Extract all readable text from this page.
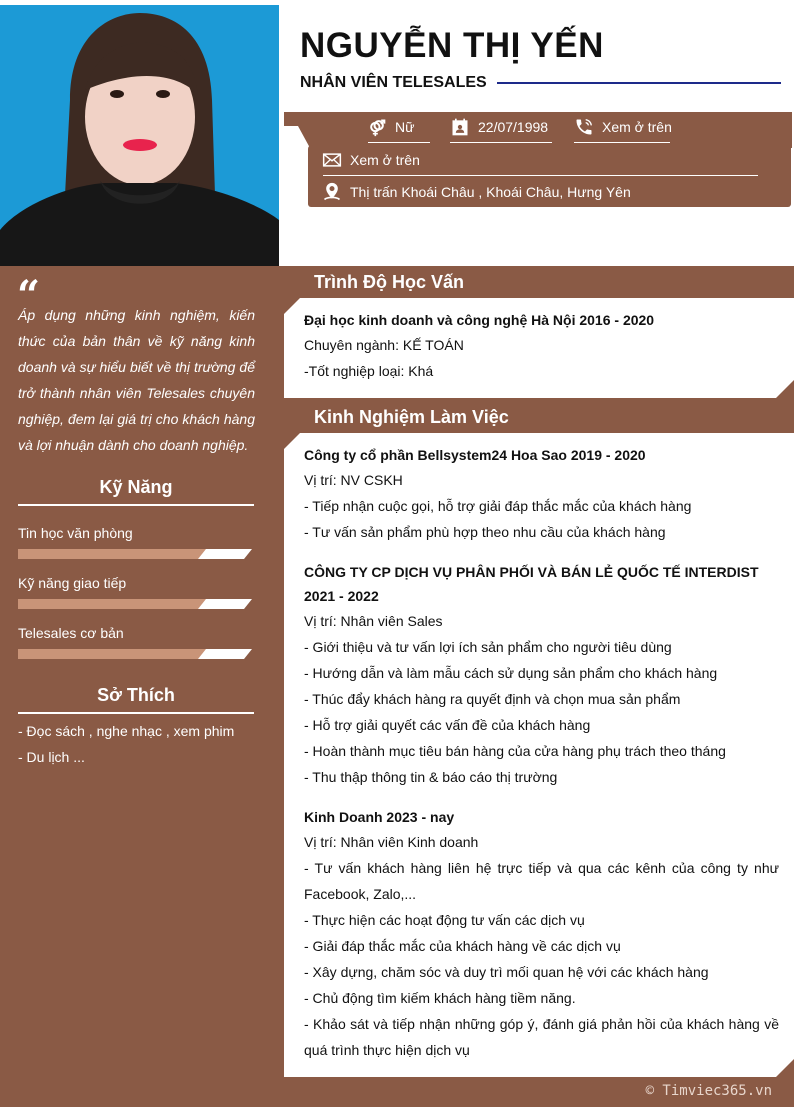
NGUYỄN THỊ YẾN
NHÂN VIÊN TELESALES
Nữ	22/07/1998	Xem ở trên
Xem ở trên
Thị trấn Khoái Châu , Khoái Châu, Hưng Yên
“
Áp dụng những kinh nghiệm, kiến thức của bản thân về kỹ năng kinh doanh và sự hiểu biết về thị trường để trở thành nhân viên Telesales chuyên nghiệp, đem lại giá trị cho khách hàng và lợi nhuận dành cho doanh nghiệp.
Kỹ Năng
Tin học văn phòng
Kỹ năng giao tiếp
Telesales cơ bản
Sở Thích
- Đọc sách , nghe nhạc , xem phim
- Du lịch ...
Trình Độ Học Vấn
Đại học kinh doanh và công nghệ Hà Nội 2016 - 2020
Chuyên ngành: KẾ TOÁN
-Tốt nghiệp loại: Khá
Kinh Nghiệm Làm Việc
Công ty cổ phần Bellsystem24 Hoa Sao 2019 - 2020
Vị trí: NV CSKH
- Tiếp nhận cuộc gọi, hỗ trợ giải đáp thắc mắc của khách hàng
- Tư vấn sản phẩm phù hợp theo nhu cầu của khách hàng
CÔNG TY CP DỊCH VỤ PHÂN PHỐI VÀ BÁN LẺ QUỐC TẾ INTERDIST 2021 - 2022
Vị trí: Nhân viên Sales
- Giới thiệu và tư vấn lợi ích sản phẩm cho người tiêu dùng
- Hướng dẫn và làm mẫu cách sử dụng sản phẩm cho khách hàng
- Thúc đẩy khách hàng ra quyết định và chọn mua sản phẩm
- Hỗ trợ giải quyết các vấn đề của khách hàng
- Hoàn thành mục tiêu bán hàng của cửa hàng phụ trách theo tháng
- Thu thập thông tin & báo cáo thị trường
Kinh Doanh 2023 - nay
Vị trí: Nhân viên Kinh doanh
- Tư vấn khách hàng liên hệ trực tiếp và qua các kênh của công ty như Facebook, Zalo,...
- Thực hiện các hoạt động tư vấn các dịch vụ
- Giải đáp thắc mắc của khách hàng về các dịch vụ
- Xây dựng, chăm sóc và duy trì mối quan hệ với các khách hàng
- Chủ động tìm kiếm khách hàng tiềm năng.
- Khảo sát và tiếp nhận những góp ý, đánh giá phản hồi của khách hàng về quá trình thực hiện dịch vụ
© Timviec365.vn
